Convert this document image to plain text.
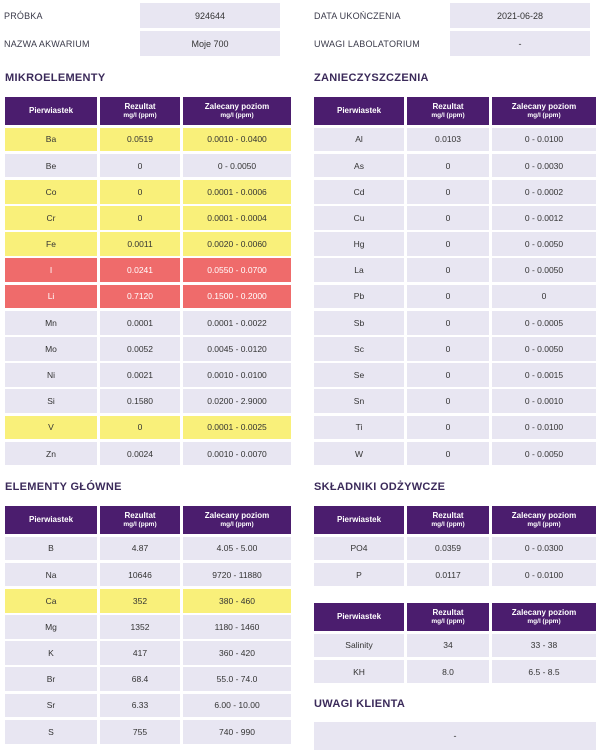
PRÓBKA	924644	DATA UKOŃCZENIA	2021-06-28
NAZWA AKWARIUM	Moje 700	UWAGI LABOLATORIUM	-
MIKROELEMENTY	ZANIECZYSZCZENIA
ELEMENTY GŁÓWNE	SKŁADNIKI ODŻYWCZE
UWAGI KLIENTA
Pierwiastek	Rezultat
mg/l (ppm)
Zalecany poziom
mg/l (ppm)
Ba	0.0519	0.0010 - 0.0400
Be	0	0 - 0.0050
Co	0	0.0001 - 0.0006
Cr	0	0.0001 - 0.0004
Fe	0.0011	0.0020 - 0.0060
I	0.0241	0.0550 - 0.0700
Li	0.7120	0.1500 - 0.2000
Mn	0.0001	0.0001 - 0.0022
Mo	0.0052	0.0045 - 0.0120
Ni	0.0021	0.0010 - 0.0100
Si	0.1580	0.0200 - 2.9000
V	0	0.0001 - 0.0025
Zn	0.0024	0.0010 - 0.0070
Pierwiastek	Rezultat
mg/l (ppm)
Zalecany poziom
mg/l (ppm)
Al	0.0103	0 - 0.0100
As	0	0 - 0.0030
Cd	0	0 - 0.0002
Cu	0	0 - 0.0012
Hg	0	0 - 0.0050
La	0	0 - 0.0050
Pb	0	0
Sb	0	0 - 0.0005
Sc	0	0 - 0.0050
Se	0	0 - 0.0015
Sn	0	0 - 0.0010
Ti	0	0 - 0.0100
W	0	0 - 0.0050
Pierwiastek	Rezultat
mg/l (ppm)
Zalecany poziom
mg/l (ppm)
B	4.87	4.05 - 5.00
Na	10646	9720 - 11880
Ca	352	380 - 460
Mg	1352	1180 - 1460
K	417	360 - 420
Br	68.4	55.0 - 74.0
Sr	6.33	6.00 - 10.00
S	755	740 - 990
Pierwiastek	Rezultat
mg/l (ppm)
Zalecany poziom
mg/l (ppm)
PO4	0.0359	0 - 0.0300
P	0.0117	0 - 0.0100
Pierwiastek	Rezultat
mg/l (ppm)
Zalecany poziom
mg/l (ppm)
Salinity	34	33 - 38
KH	8.0	6.5 - 8.5
-
